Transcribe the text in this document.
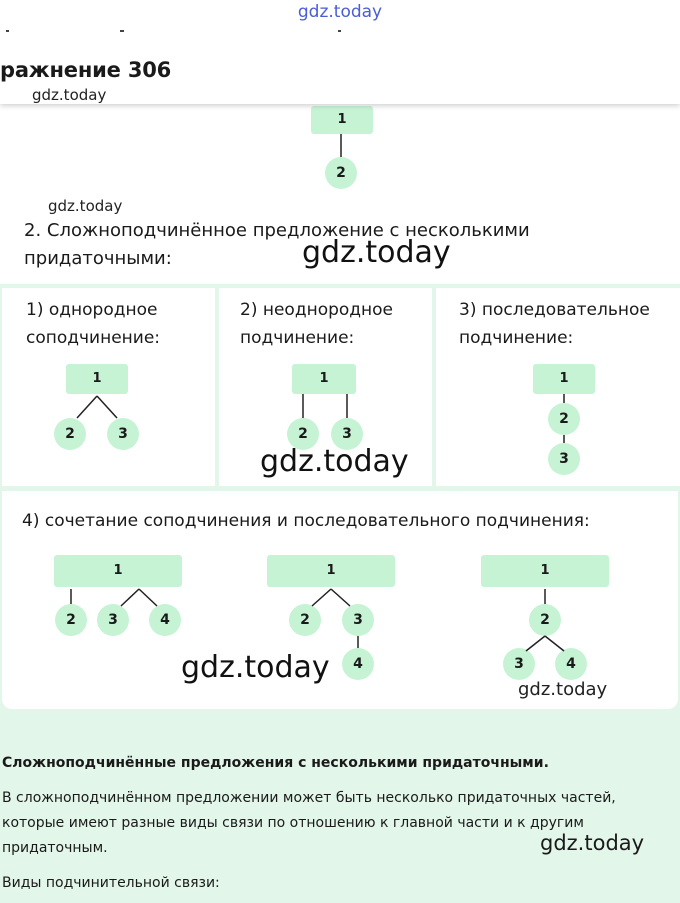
1
2
gdz.today
2. Сложноподчинённое предложение с несколькими
придаточными:	gdz.today
1) однородное
соподчинение:
1
2	3
2) неоднородное
подчинение:
1
2	3
gdz.today
3) последовательное
подчинение:
1
2
3
4) сочетание соподчинения и последовательного подчинения:
1
2	3	4
1
2	3
4
1
2
3	4
gdz.today
gdz.today
Сложноподчинённые предложения с несколькими придаточными.
В сложноподчинённом предложении может быть несколько придаточных частей,
которые имеют разные виды связи по отношению к главной части и к другим
придаточным.	gdz.today
Виды подчинительной связи:
gdz.today
ражнение 306
gdz.today
